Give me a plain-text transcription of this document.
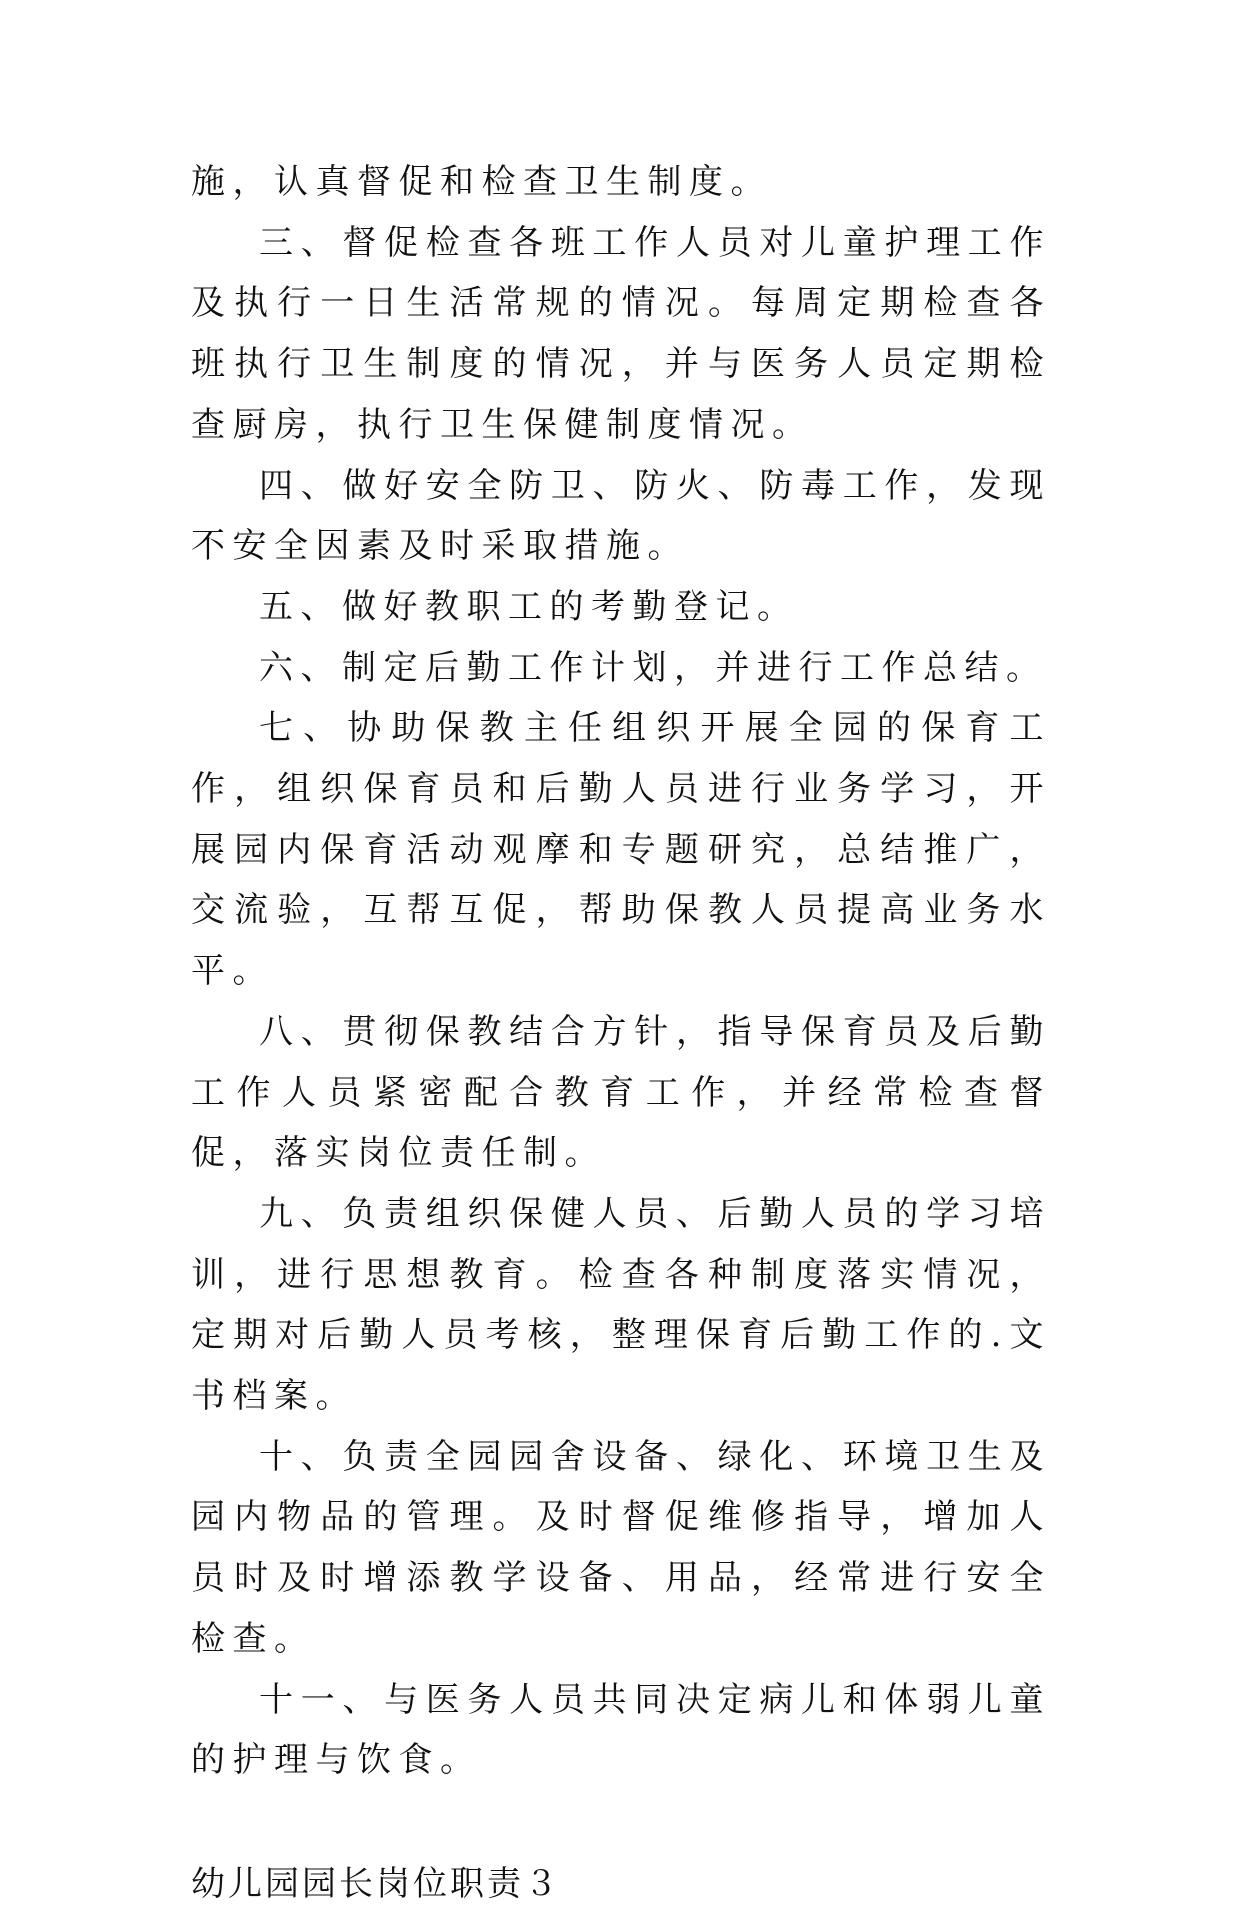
施，认真督促和检查卫生制度。

三、督促检查各班工作人员对儿童护理工作及执行一日生活常规的情况。每周定期检查各班执行卫生制度的情况，并与医务人员定期检查厨房，执行卫生保健制度情况。

四、做好安全防卫、防火、防毒工作，发现不安全因素及时采取措施。

五、做好教职工的考勤登记。

六、制定后勤工作计划，并进行工作总结。

七、协助保教主任组织开展全园的保育工作，组织保育员和后勤人员进行业务学习，开展园内保育活动观摩和专题研究，总结推广，交流验，互帮互促，帮助保教人员提高业务水平。

八、贯彻保教结合方针，指导保育员及后勤工作人员紧密配合教育工作，并经常检查督促，落实岗位责任制。

九、负责组织保健人员、后勤人员的学习培训，进行思想教育。检查各种制度落实情况，定期对后勤人员考核，整理保育后勤工作的.文书档案。

十、负责全园园舍设备、绿化、环境卫生及园内物品的管理。及时督促维修指导，增加人员时及时增添教学设备、用品，经常进行安全检查。

十一、与医务人员共同决定病儿和体弱儿童的护理与饮食。

幼儿园园长岗位职责３
